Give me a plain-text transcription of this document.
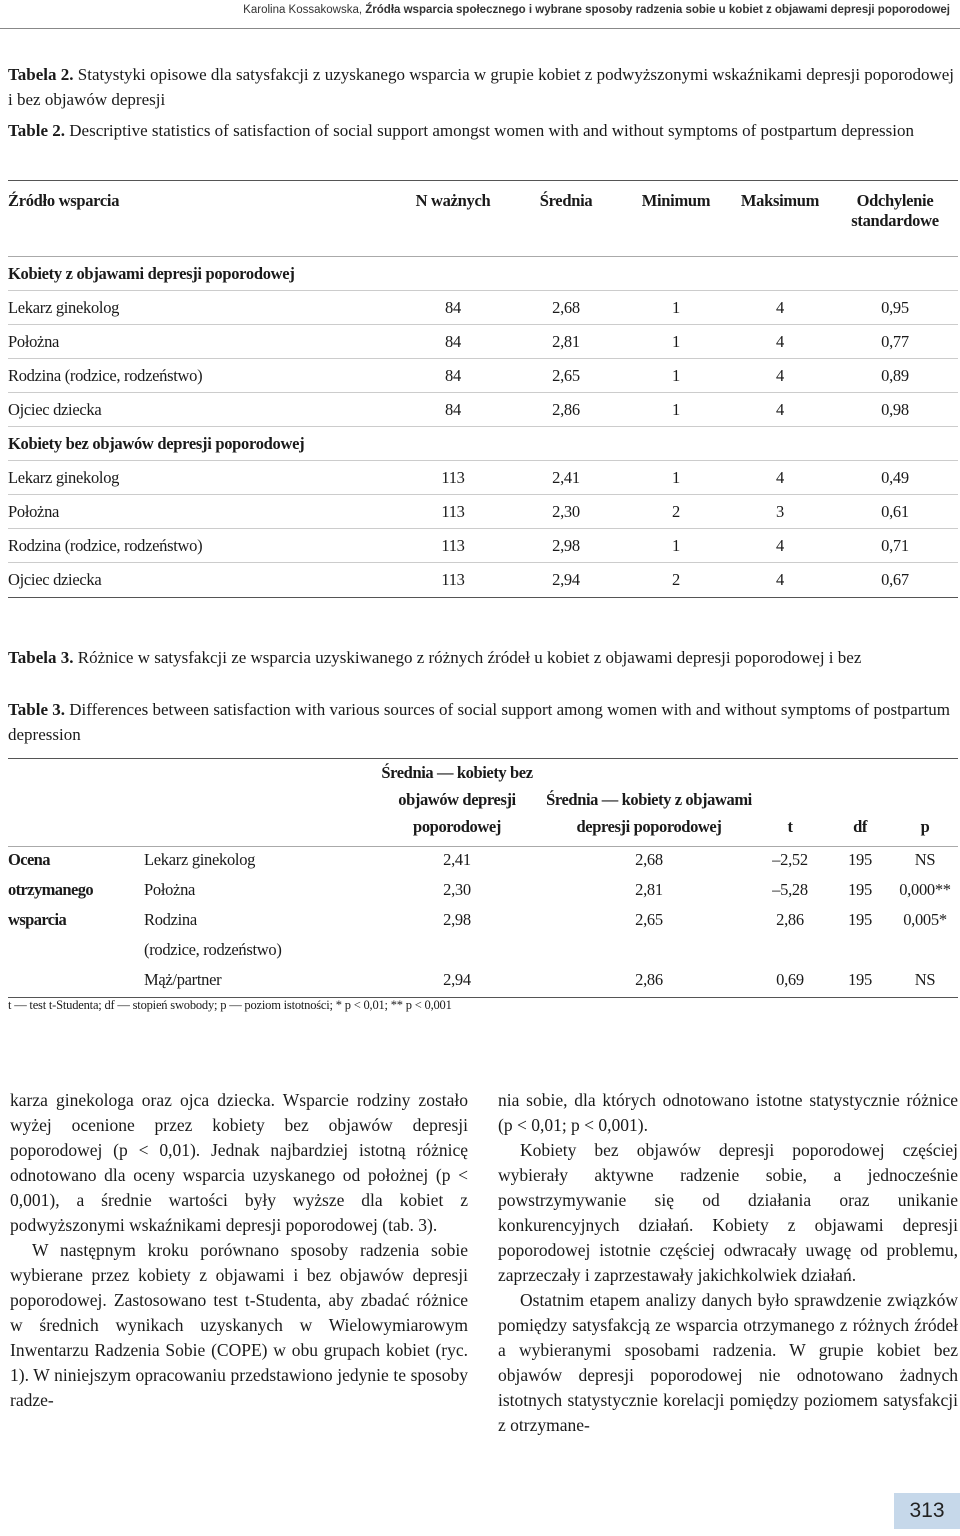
Karolina Kossakowska, Źródła wsparcia społecznego i wybrane sposoby radzenia sobie u kobiet z objawami depresji poporodowej
Tabela 2. Statystyki opisowe dla satysfakcji z uzyskanego wsparcia w grupie kobiet z podwyższonymi wskaźnikami depresji poporodowej i bez objawów depresji
Table 2. Descriptive statistics of satisfaction of social support amongst women with and without symptoms of postpartum depression
Źródło wsparcia	N ważnych	Średnia	Minimum	Maksimum	Odchylenie standardowe
Kobiety z objawami depresji poporodowej					
Lekarz ginekolog	84	2,68	1	4	0,95
Położna	84	2,81	1	4	0,77
Rodzina (rodzice, rodzeństwo)	84	2,65	1	4	0,89
Ojciec dziecka	84	2,86	1	4	0,98
Kobiety bez objawów depresji poporodowej					
Lekarz ginekolog	113	2,41	1	4	0,49
Położna	113	2,30	2	3	0,61
Rodzina (rodzice, rodzeństwo)	113	2,98	1	4	0,71
Ojciec dziecka	113	2,94	2	4	0,67
Tabela 3. Różnice w satysfakcji ze wsparcia uzyskiwanego z różnych źródeł u kobiet z objawami depresji poporodowej i bez
Table 3. Differences between satisfaction with various sources of social support among women with and without symptoms of postpartum depression
		Średnia — kobiety bez objawów depresji poporodowej	Średnia — kobiety z objawami depresji poporodowej	t	df	p
Ocena	Lekarz ginekolog	2,41	2,68	–2,52	195	NS
otrzymanego	Położna	2,30	2,81	–5,28	195	0,000**
wsparcia	Rodzina	2,98	2,65	2,86	195	0,005*
	(rodzice, rodzeństwo)					
	Mąż/partner	2,94	2,86	0,69	195	NS
t — test t-Studenta; df — stopień swobody; p — poziom istotności; * p < 0,01; ** p < 0,001

karza ginekologa oraz ojca dziecka. Wsparcie rodziny zostało wyżej ocenione przez kobiety bez objawów depresji poporodowej (p < 0,01). Jednak najbardziej istotną różnicę odnotowano dla oceny wsparcia uzyskanego od położnej (p < 0,001), a średnie wartości były wyższe dla kobiet z podwyższonymi wskaźnikami depresji poporodowej (tab. 3).

W następnym kroku porównano sposoby radzenia sobie wybierane przez kobiety z objawami i bez objawów depresji poporodowej. Zastosowano test t-Studenta, aby zbadać różnice w średnich wynikach uzyskanych w Wielowymiarowym Inwentarzu Radzenia Sobie (COPE) w obu grupach kobiet (ryc. 1). W niniejszym opracowaniu przedstawiono jedynie te sposoby radze-

nia sobie, dla których odnotowano istotne statystycznie różnice (p < 0,01; p < 0,001).

Kobiety bez objawów depresji poporodowej częściej wybierały aktywne radzenie sobie, a jednocześnie powstrzymywanie się od działania oraz unikanie konkurencyjnych działań. Kobiety z objawami depresji poporodowej istotnie częściej odwracały uwagę od problemu, zaprzeczały i zaprzestawały jakichkolwiek działań.

Ostatnim etapem analizy danych było sprawdzenie związków pomiędzy satysfakcją ze wsparcia otrzymanego z różnych źródeł a wybieranymi sposobami radzenia. W grupie kobiet bez objawów depresji poporodowej nie odnotowano żadnych istotnych statystycznie korelacji pomiędzy poziomem satysfakcji z otrzymane-

313
